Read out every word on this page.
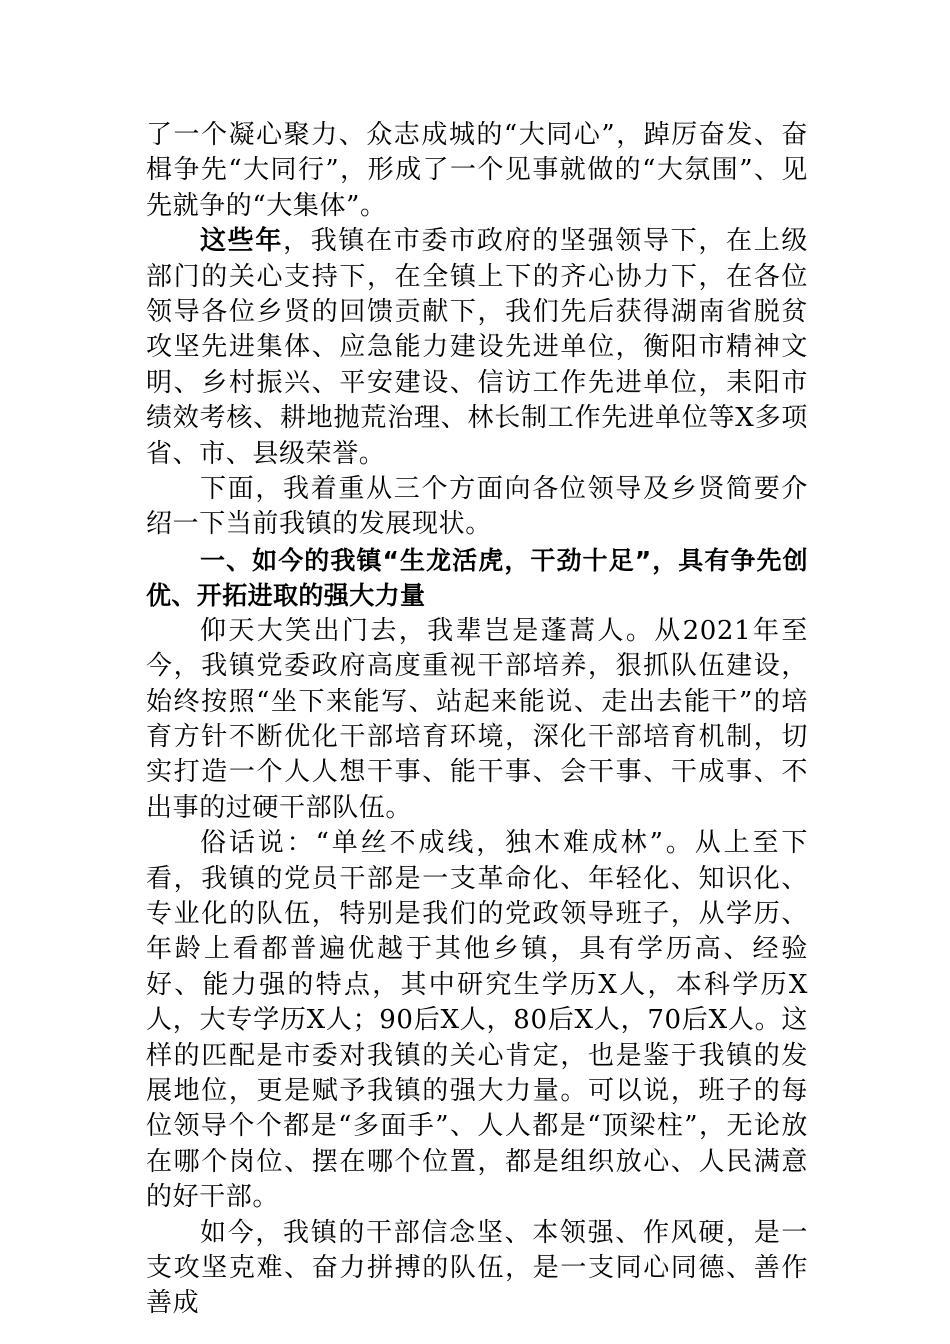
了一个凝心聚力、众志成城的“大同心”，踔厉奋发、奋楫争先“大同行”，形成了一个见事就做的“大氛围”、见先就争的“大集体”。

这些年，我镇在市委市政府的坚强领导下，在上级部门的关心支持下，在全镇上下的齐心协力下，在各位领导各位乡贤的回馈贡献下，我们先后获得湖南省脱贫攻坚先进集体、应急能力建设先进单位，衡阳市精神文明、乡村振兴、平安建设、信访工作先进单位，耒阳市绩效考核、耕地抛荒治理、林长制工作先进单位等X多项省、市、县级荣誉。

下面，我着重从三个方面向各位领导及乡贤简要介绍一下当前我镇的发展现状。

一、如今的我镇“生龙活虎，干劲十足”，具有争先创优、开拓进取的强大力量

仰天大笑出门去，我辈岂是蓬蒿人。从2021年至今，我镇党委政府高度重视干部培养，狠抓队伍建设，始终按照“坐下来能写、站起来能说、走出去能干”的培育方针不断优化干部培育环境，深化干部培育机制，切实打造一个人人想干事、能干事、会干事、干成事、不出事的过硬干部队伍。

俗话说：“单丝不成线，独木难成林”。从上至下看，我镇的党员干部是一支革命化、年轻化、知识化、专业化的队伍，特别是我们的党政领导班子，从学历、年龄上看都普遍优越于其他乡镇，具有学历高、经验好、能力强的特点，其中研究生学历X人，本科学历X人，大专学历X人；90后X人，80后X人，70后X人。这样的匹配是市委对我镇的关心肯定，也是鉴于我镇的发展地位，更是赋予我镇的强大力量。可以说，班子的每位领导个个都是“多面手”、人人都是“顶梁柱”，无论放在哪个岗位、摆在哪个位置，都是组织放心、人民满意的好干部。

如今，我镇的干部信念坚、本领强、作风硬，是一支攻坚克难、奋力拼搏的队伍，是一支同心同德、善作善成
